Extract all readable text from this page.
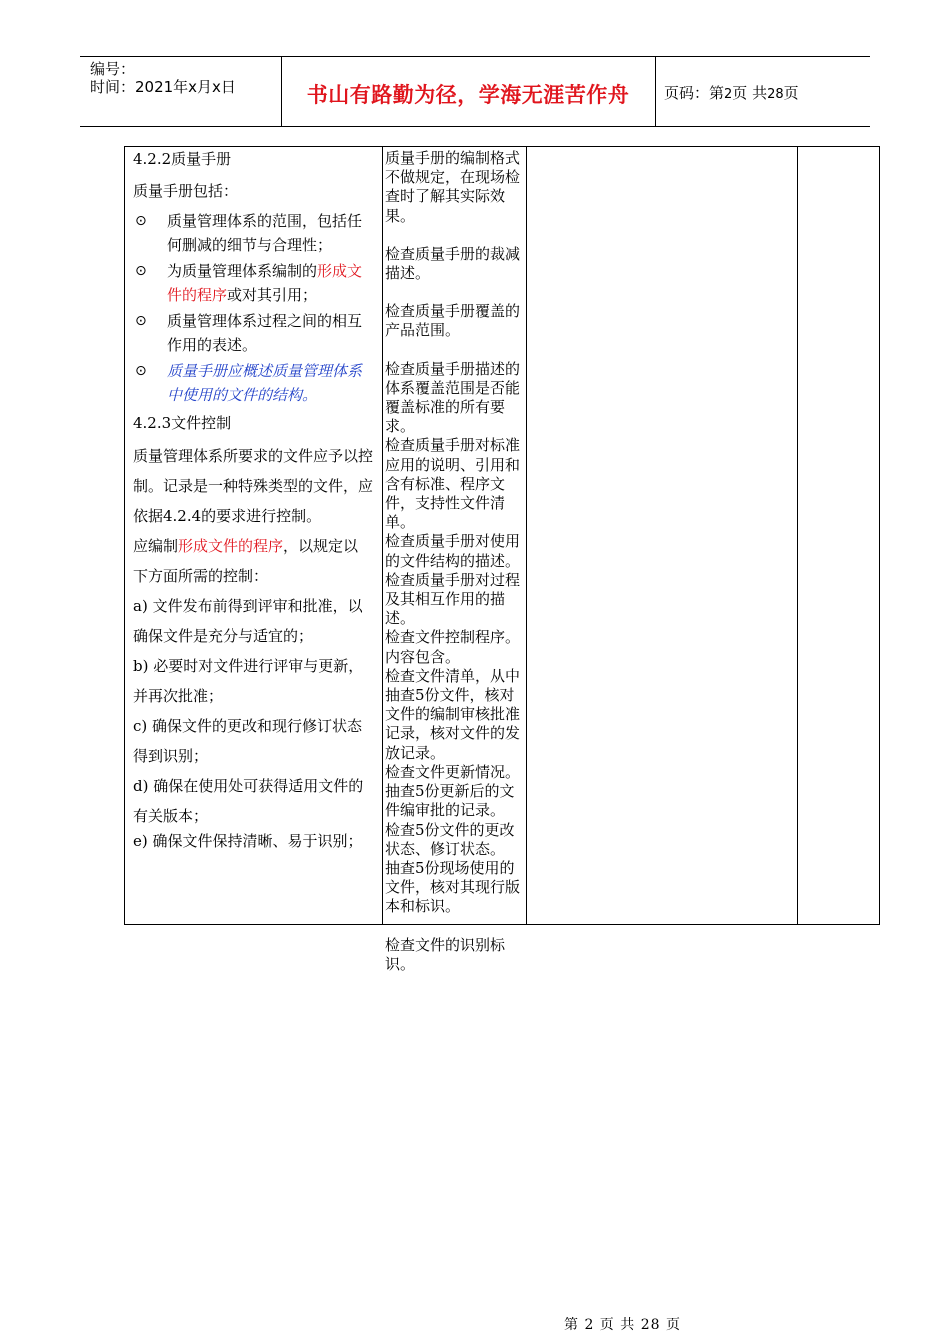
编号：
时间：2021年x月x日	书山有路勤为径，学海无涯苦作舟	页码：第2页 共28页

4.2.2质量手册

质量手册包括：

⊙ 质量管理体系的范围，包括任何删减的细节与合理性；
⊙ 为质量管理体系编制的形成文件的程序或对其引用；
⊙ 质量管理体系过程之间的相互作用的表述。
⊙ 质量手册应概述质量管理体系中使用的文件的结构。

4.2.3文件控制

质量管理体系所要求的文件应予以控制。记录是一种特殊类型的文件，应依据4.2.4的要求进行控制。

应编制形成文件的程序，以规定以下方面所需的控制：

a) 文件发布前得到评审和批准，以确保文件是充分与适宜的；

b) 必要时对文件进行评审与更新，并再次批准；

c) 确保文件的更改和现行修订状态得到识别；

d) 确保在使用处可获得适用文件的有关版本；

e) 确保文件保持清晰、易于识别；

质量手册的编制格式不做规定，在现场检查时了解其实际效果。

检查质量手册的裁减描述。

检查质量手册覆盖的产品范围。

检查质量手册描述的体系覆盖范围是否能覆盖标准的所有要求。

检查质量手册对标准应用的说明、引用和含有标准、程序文件，支持性文件清单。

检查质量手册对使用的文件结构的描述。

检查质量手册对过程及其相互作用的描述。

检查文件控制程序。内容包含。

检查文件清单，从中抽查5份文件，核对文件的编制审核批准记录，核对文件的发放记录。

检查文件更新情况。

抽查5份更新后的文件编审批的记录。

检查5份文件的更改状态、修订状态。

抽查5份现场使用的文件，核对其现行版本和标识。

检查文件的识别标识。

第 2 页 共 28 页
